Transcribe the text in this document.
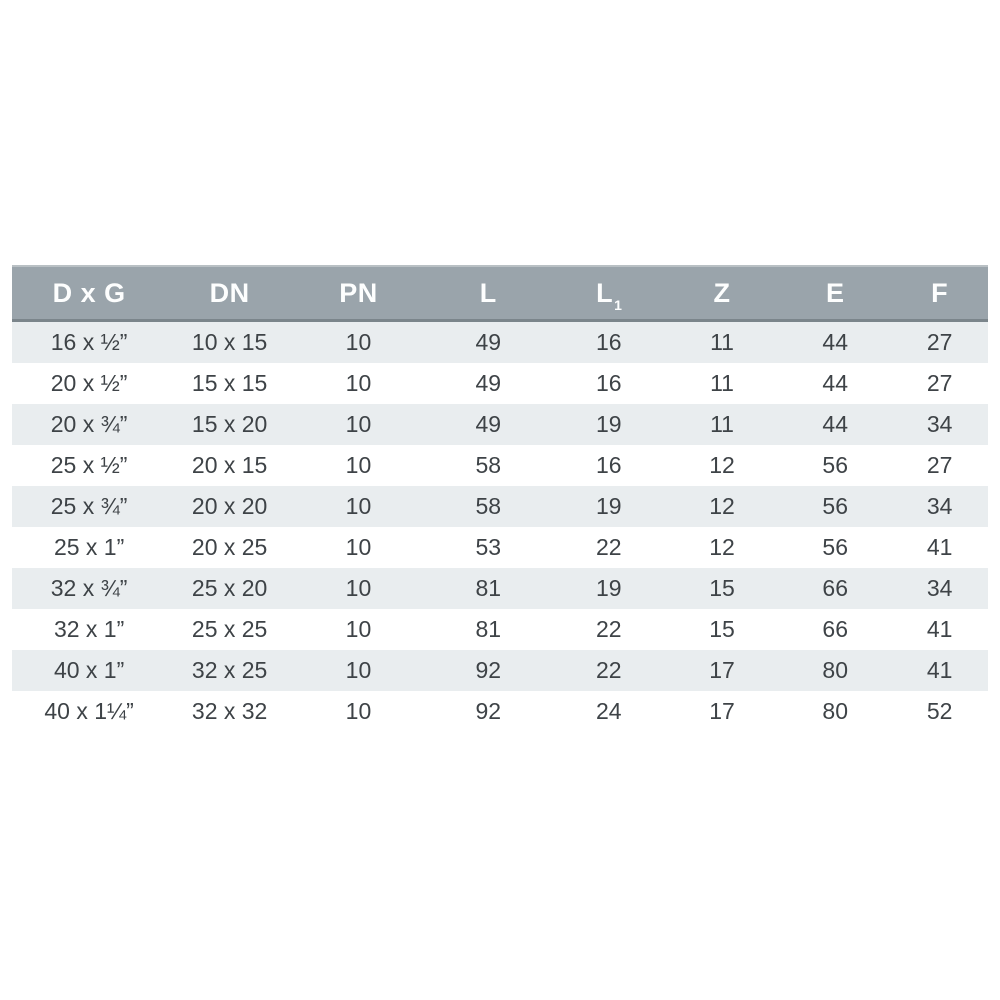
D x G	DN	PN	L	$L_1$	Z	E	F
16 x ½”	10 x 15	10	49	16	11	44	27
20 x ½”	15 x 15	10	49	16	11	44	27
20 x ¾”	15 x 20	10	49	19	11	44	34
25 x ½”	20 x 15	10	58	16	12	56	27
25 x ¾”	20 x 20	10	58	19	12	56	34
25 x 1”	20 x 25	10	53	22	12	56	41
32 x ¾”	25 x 20	10	81	19	15	66	34
32 x 1”	25 x 25	10	81	22	15	66	41
40 x 1”	32 x 25	10	92	22	17	80	41
40 x 1¼”	32 x 32	10	92	24	17	80	52
